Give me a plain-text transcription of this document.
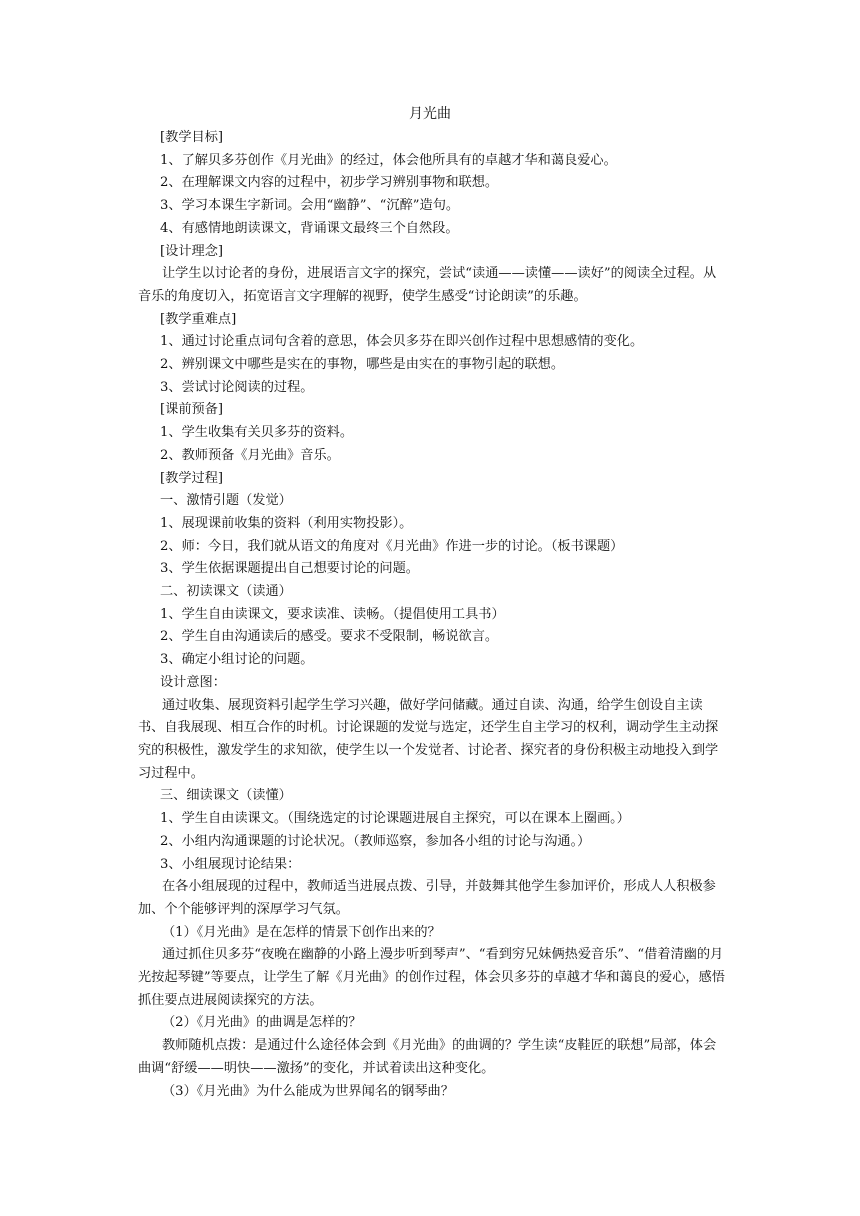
月光曲

[教学目标]

1、了解贝多芬创作《月光曲》的经过，体会他所具有的卓越才华和蔼良爱心。

2、在理解课文内容的过程中，初步学习辨别事物和联想。

3、学习本课生字新词。会用“幽静”、“沉醉”造句。

4、有感情地朗读课文，背诵课文最终三个自然段。

[设计理念]

让学生以讨论者的身份，进展语言文字的探究，尝试“读通——读懂——读好”的阅读全过程。从音乐的角度切入，拓宽语言文字理解的视野，使学生感受“讨论朗读”的乐趣。

[教学重难点]

1、通过讨论重点词句含着的意思，体会贝多芬在即兴创作过程中思想感情的变化。

2、辨别课文中哪些是实在的事物，哪些是由实在的事物引起的联想。

3、尝试讨论阅读的过程。

[课前预备]

1、学生收集有关贝多芬的资料。

2、教师预备《月光曲》音乐。

[教学过程]

一、激情引题（发觉）

1、展现课前收集的资料（利用实物投影）。

2、师：今日，我们就从语文的角度对《月光曲》作进一步的讨论。（板书课题）

3、学生依据课题提出自己想要讨论的问题。

二、初读课文（读通）

1、学生自由读课文，要求读准、读畅。（提倡使用工具书）

2、学生自由沟通读后的感受。要求不受限制，畅说欲言。

3、确定小组讨论的问题。

设计意图：

通过收集、展现资料引起学生学习兴趣，做好学问储藏。通过自读、沟通，给学生创设自主读书、自我展现、相互合作的时机。讨论课题的发觉与选定，还学生自主学习的权利，调动学生主动探究的积极性，激发学生的求知欲，使学生以一个发觉者、讨论者、探究者的身份积极主动地投入到学习过程中。

三、细读课文（读懂）

1、学生自由读课文。（围绕选定的讨论课题进展自主探究，可以在课本上圈画。）

2、小组内沟通课题的讨论状况。（教师巡察，参加各小组的讨论与沟通。）

3、小组展现讨论结果：

在各小组展现的过程中，教师适当进展点拨、引导，并鼓舞其他学生参加评价，形成人人积极参加、个个能够评判的深厚学习气氛。

（1）《月光曲》是在怎样的情景下创作出来的？

通过抓住贝多芬“夜晚在幽静的小路上漫步听到琴声”、“看到穷兄妹俩热爱音乐”、“借着清幽的月光按起琴键”等要点，让学生了解《月光曲》的创作过程，体会贝多芬的卓越才华和蔼良的爱心，感悟抓住要点进展阅读探究的方法。

（2）《月光曲》的曲调是怎样的？

教师随机点拨：是通过什么途径体会到《月光曲》的曲调的？学生读“皮鞋匠的联想”局部，体会曲调“舒缓——明快——激扬”的变化，并试着读出这种变化。

（3）《月光曲》为什么能成为世界闻名的钢琴曲？
